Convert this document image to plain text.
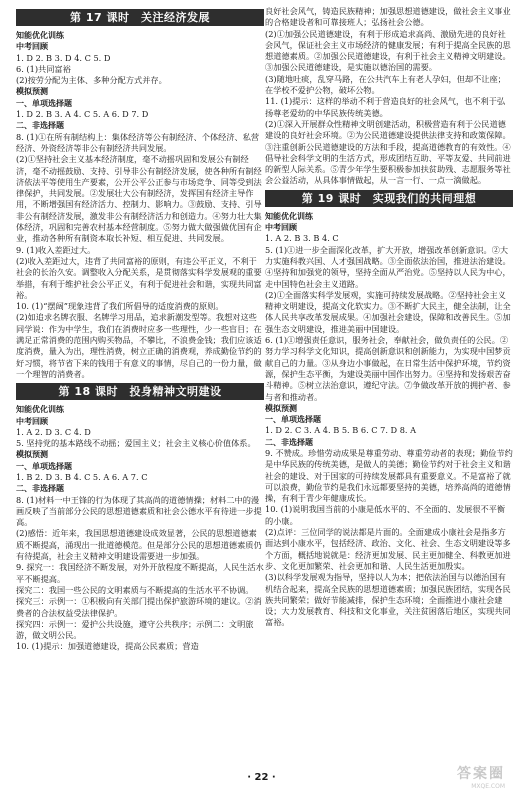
第 17 课时　关注经济发展
知能优化训练
中考回顾
1. D 2. B 3. D 4. C 5. D
6. (1)共同富裕
(2)按劳分配为主体、多种分配方式并存。
模拟预测
一、单项选择题
1. D 2. B 3. A 4. C 5. A 6. D 7. D
二、非选择题
8. (1)①在所有制结构上：集体经济等公有制经济、个体经济、私营经济、外资经济等非公有制经济共同发展。
(2)①坚持社会主义基本经济制度，毫不动摇巩固和发展公有制经济，毫不动摇鼓励、支持、引导非公有制经济发展，使各种所有制经济依法平等使用生产要素，公开公平公正参与市场竞争、同等受到法律保护，共同发展。②发展壮大公有制经济，发挥国有经济主导作用，不断增强国有经济活力、控制力、影响力。③鼓励、支持、引导非公有制经济发展，激发非公有制经济活力和创造力。④努力壮大集体经济，巩固和完善农村基本经营制度。⑤努力做大做强做优国有企业，推动各种所有制资本取长补短、相互促进、共同发展。
9. (1)收入差距过大。
(2)收入差距过大，违背了共同富裕的原则，有违公平正义，不利于社会的长治久安。调整收入分配关系，是贯彻落实科学发展观的重要举措，有利于维护社会公平正义，有利于促进社会和谐，实现共同富裕。
10. (1)“摆阔”现象违背了我们所倡导的适度消费的原则。
(2)如追求名牌衣服、名牌学习用品，追求新潮发型等。我想对这些同学说：作为中学生，我们在消费时应多一些理性，少一些盲目；在满足正常消费的范围内购买物品，不攀比，不浪费金钱；我们应该适度消费，量入为出，理性消费，树立正确的消费观，养成勤俭节约的好习惯，将节省下来的钱用于有意义的事情，尽自己的一份力量，做一个理智的消费者。
第 18 课时　投身精神文明建设
知能优化训练
中考回顾
1. A 2. D 3. C 4. D
5. 坚持党的基本路线不动摇；爱国主义；社会主义核心价值体系。
模拟预测
一、单项选择题
1. B 2. D 3. B 4. C 5. A 6. A 7. C
二、非选择题
8. (1)材料一中王锋的行为体现了其高尚的道德情操；材料二中的漫画反映了当前部分公民的思想道德素质和社会公德水平有待进一步提高。
(2)感悟：近年来，我国思想道德建设成效显著，公民的思想道德素质不断提高，涌现出一批道德模范。但是部分公民的思想道德素质仍有待提高，社会主义精神文明建设需要进一步加强。
9. 探究一：我国经济不断发展，对外开放程度不断提高，人民生活水平不断提高。
探究二：我国一些公民的文明素质与不断提高的生活水平不协调。
探究三：示例一：①积极向有关部门提出保护旅游环境的建议。②消费者的合法权益受法律保护。
探究四：示例一：爱护公共设施，遵守公共秩序；示例二：文明旅游，做文明公民。
10. (1)提示：加强道德建设，提高公民素质；营造
良好社会风气，铸造民族精神；加强思想道德建设，做社会主义事业的合格建设者和可靠接班人；弘扬社会公德。
(2)①加强公民道德建设，有利于形成追求高尚、激励先进的良好社会风气，保证社会主义市场经济的健康发展；有利于提高全民族的思想道德素质。②加强公民道德建设，有利于社会主义精神文明建设。③加强公民道德建设，是实施以德治国的需要。
(3)随地吐痰，乱穿马路，在公共汽车上有老人孕妇，但却不让座；在学校不爱护公物，破坏公物。
11. (1)提示：这样的举动不利于营造良好的社会风气，也不利于弘扬尊老爱幼的中华民族传统美德。
(2)①深入开展群众性精神文明创建活动，积极营造有利于公民道德建设的良好社会环境。②为公民道德建设提供法律支持和政策保障。③注重创新公民道德建设的方法和手段，提高道德教育的有效性。④倡导社会科学文明的生活方式，形成团结互助、平等友爱、共同前进的新型人际关系。⑤青少年学生要积极参加扶贫助残、志愿服务等社会公益活动，从具体事情做起，从一言一行、一点一滴做起。
第 19 课时　实现我们的共同理想
知能优化训练
中考回顾
1. A 2. B 3. B 4. C
5. (1)①进一步全面深化改革，扩大开放，增强改革创新意识。②大力实施科教兴国、人才强国战略。③全面依法治国，推进法治建设。④坚持和加强党的领导，坚持全面从严治党。⑤坚持以人民为中心，走中国特色社会主义道路。
(2)①全面落实科学发展观，实施可持续发展战略。②坚持社会主义精神文明建设，提高文化软实力。③不断扩大民主，健全法制，让全体人民共享改革发展成果。④加强社会建设，保障和改善民生。⑤加强生态文明建设，推进美丽中国建设。
6. (1)①增强责任意识，服务社会，奉献社会，做负责任的公民。②努力学习科学文化知识，提高创新意识和创新能力，为实现中国梦贡献自己的力量。③从身边小事做起，在日常生活中保护环境，节约资源，保护生态平衡，为建设美丽中国作出努力。④坚持和发扬艰苦奋斗精神。⑤树立法治意识，遵纪守法。⑦争做改革开放的拥护者、参与者和推动者。
模拟预测
一、单项选择题
1. D 2. C 3. A 4. B 5. B 6. C 7. D 8. A
二、非选择题
9. 不赞成。珍惜劳动成果是尊重劳动、尊重劳动者的表现；勤俭节约是中华民族的传统美德，是做人的美德；勤俭节约对于社会主义和谐社会的建设、对于国家的可持续发展都具有重要意义。不是富裕了就可以浪费，勤俭节约是我们永远都要坚持的美德，培养高尚的道德情操，有利于青少年健康成长。
10. (1)说明我国当前的小康是低水平的、不全面的、发展很不平衡的小康。
(2)点评：三位同学的说法都是片面的。全面建成小康社会是指多方面达到小康水平，包括经济、政治、文化、社会、生态文明建设等多个方面，概括地说就是：经济更加发展、民主更加健全、科教更加进步、文化更加繁荣、社会更加和谐、人民生活更加殷实。
(3)以科学发展观为指导，坚持以人为本；把依法治国与以德治国有机结合起来，提高全民族的思想道德素质；加强民族团结，实现各民族共同繁荣；做好节能减排，保护生态环境；全面推进小康社会建设；大力发展教育、科技和文化事业，关注贫困落后地区，实现共同富裕。
· 22 ·	答案圈
MXQE.COM
